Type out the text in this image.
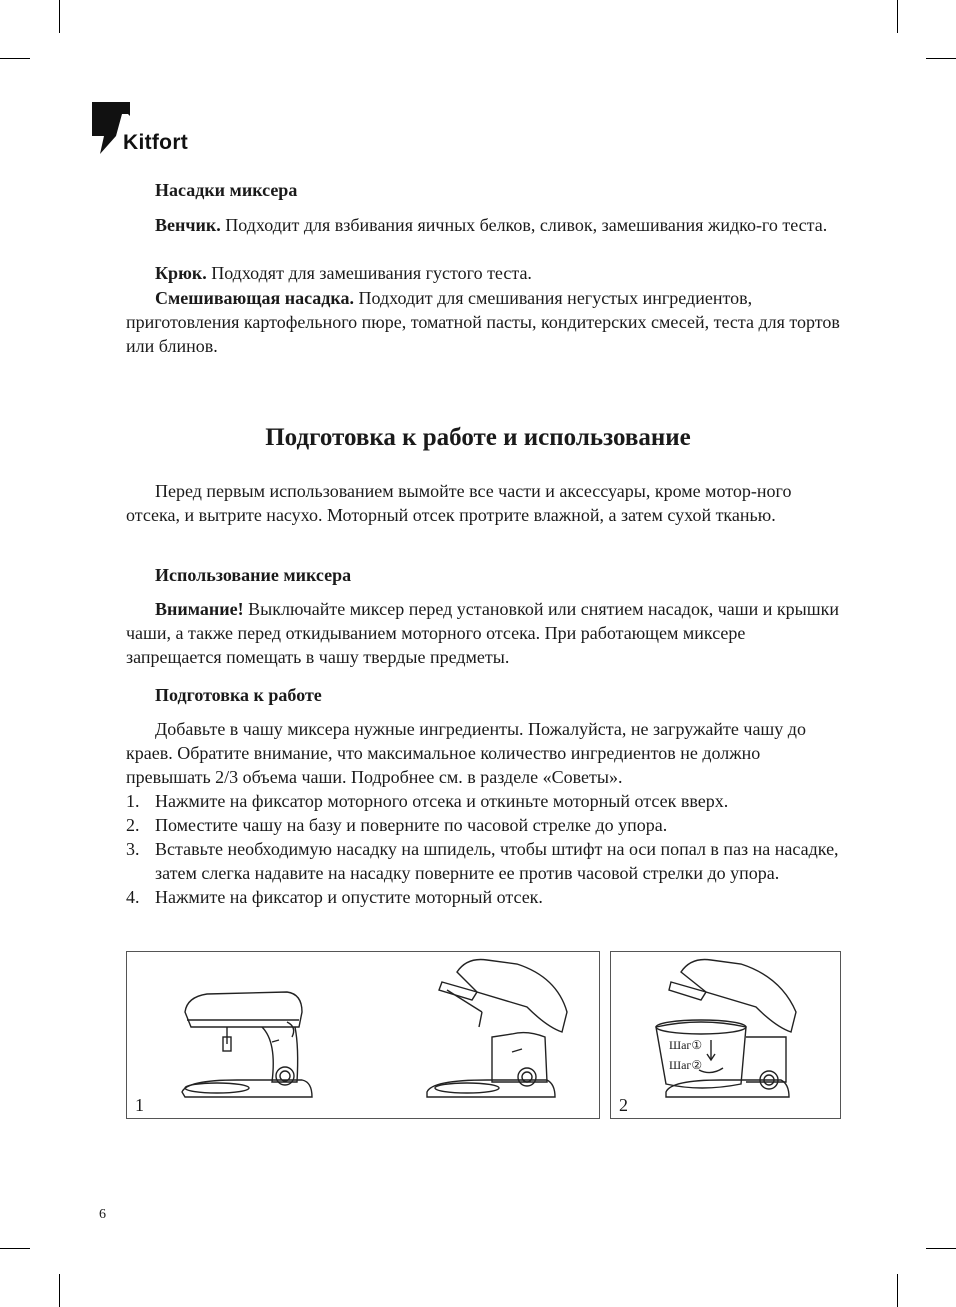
Kitfort
Насадки миксера
Венчик. Подходит для взбивания яичных белков, сливок, замешивания жидко-го теста.
Крюк. Подходят для замешивания густого теста.
Смешивающая насадка. Подходит для смешивания негустых ингредиентов, приготовления картофельного пюре, томатной пасты, кондитерских смесей, теста для тортов или блинов.
Подготовка к работе и использование
Перед первым использованием вымойте все части и аксессуары, кроме мотор-ного отсека, и вытрите насухо. Моторный отсек протрите влажной, а затем сухой тканью.
Использование миксера
Внимание! Выключайте миксер перед установкой или снятием насадок, чаши и крышки чаши, а также перед откидыванием моторного отсека. При работающем миксере запрещается помещать в чашу твердые предметы.
Подготовка к работе
Добавьте в чашу миксера нужные ингредиенты. Пожалуйста, не загружайте чашу до краев. Обратите внимание, что максимальное количество ингредиентов не должно превышать 2/3 объема чаши. Подробнее см. в разделе «Советы».
1. Нажмите на фиксатор моторного отсека и откиньте моторный отсек вверх.
2. Поместите чашу на базу и поверните по часовой стрелке до упора.
3. Вставьте необходимую насадку на шпидель, чтобы штифт на оси попал в паз на насадке, затем слегка надавите на насадку поверните ее против часовой стрелки до упора.
4. Нажмите на фиксатор и опустите моторный отсек.
1
Шаг①
Шаг②
2
6
